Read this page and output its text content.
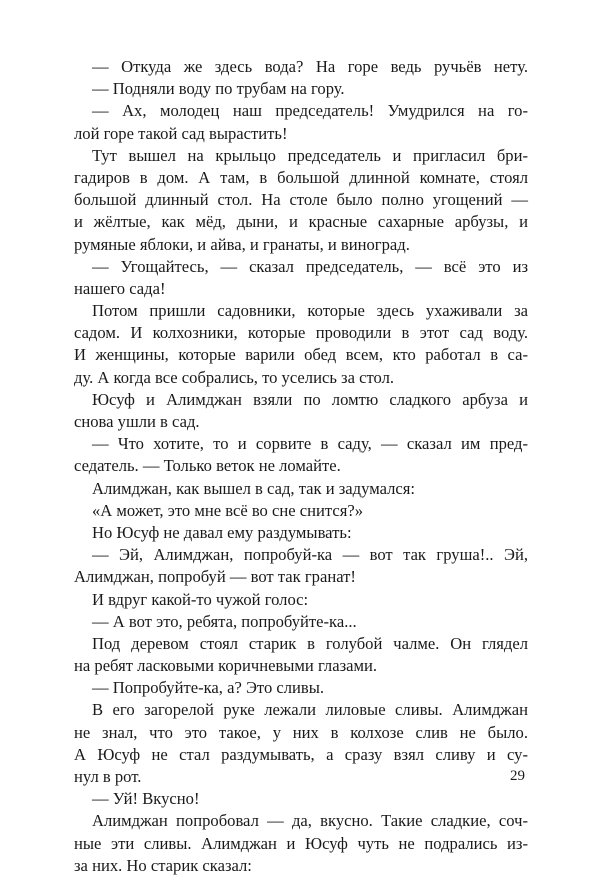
— Откуда же здесь вода? На горе ведь ручьёв нету.
— Подняли воду по трубам на гору.
— Ах, молодец наш председатель! Умудрился на го-
лой горе такой сад вырастить!
Тут вышел на крыльцо председатель и пригласил бри-
гадиров в дом. А там, в большой длинной комнате, стоял
большой длинный стол. На столе было полно угощений —
и жёлтые, как мёд, дыни, и красные сахарные арбузы, и
румяные яблоки, и айва, и гранаты, и виноград.
— Угощайтесь, — сказал председатель, — всё это из
нашего сада!
Потом пришли садовники, которые здесь ухаживали за
садом. И колхозники, которые проводили в этот сад воду.
И женщины, которые варили обед всем, кто работал в са-
ду. А когда все собрались, то уселись за стол.
Юсуф и Алимджан взяли по ломтю сладкого арбуза и
снова ушли в сад.
— Что хотите, то и сорвите в саду, — сказал им пред-
седатель. — Только веток не ломайте.
Алимджан, как вышел в сад, так и задумался:
«А может, это мне всё во сне снится?»
Но Юсуф не давал ему раздумывать:
— Эй, Алимджан, попробуй-ка — вот так груша!.. Эй,
Алимджан, попробуй — вот так гранат!
И вдруг какой-то чужой голос:
— А вот это, ребята, попробуйте-ка...
Под деревом стоял старик в голубой чалме. Он глядел
на ребят ласковыми коричневыми глазами.
— Попробуйте-ка, а? Это сливы.
В его загорелой руке лежали лиловые сливы. Алимджан
не знал, что это такое, у них в колхозе слив не было.
А Юсуф не стал раздумывать, а сразу взял сливу и су-
нул в рот.
— Уй! Вкусно!
Алимджан попробовал — да, вкусно. Такие сладкие, соч-
ные эти сливы. Алимджан и Юсуф чуть не подрались из-
за них. Но старик сказал:
29
